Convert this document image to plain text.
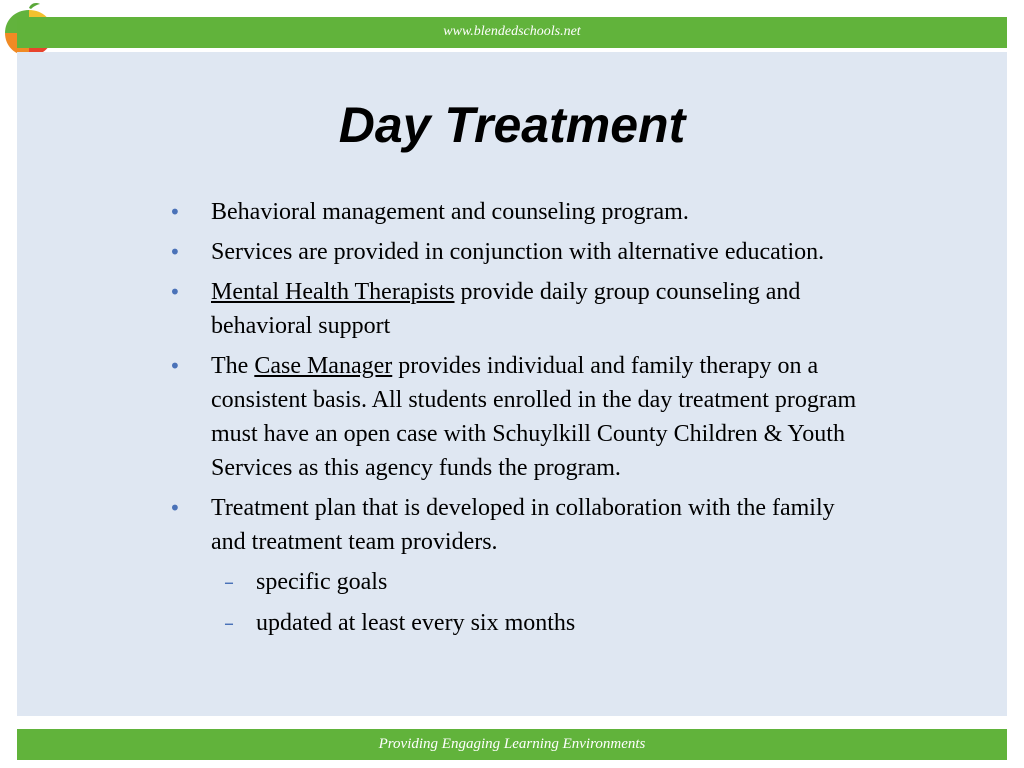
www.blendedschools.net
Day Treatment
•	Behavioral management and counseling program.
•	Services are provided in conjunction with alternative education.
•	Mental Health Therapists provide daily group counseling and behavioral support
•	The Case Manager provides individual and family therapy on a consistent basis. All students enrolled in the day treatment program must have an open case with Schuylkill County Children & Youth Services as this agency funds the program.
•	Treatment plan that is developed in collaboration with the family and treatment team providers.
– specific goals
– updated at least every six months
Providing Engaging Learning Environments
